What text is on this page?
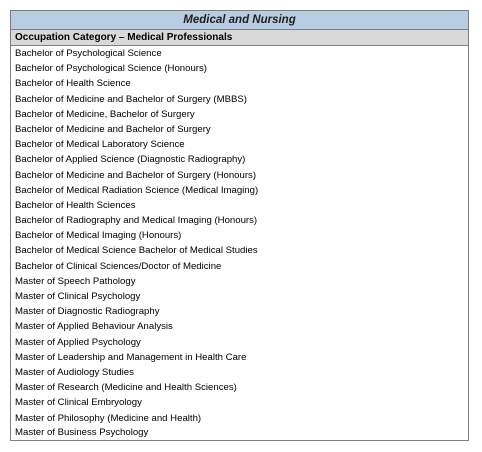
Medical and Nursing
Occupation Category – Medical Professionals
Bachelor of Psychological Science
Bachelor of Psychological Science (Honours)
Bachelor of Health Science
Bachelor of Medicine and Bachelor of Surgery (MBBS)
Bachelor of Medicine, Bachelor of Surgery
Bachelor of Medicine and Bachelor of Surgery
Bachelor of Medical Laboratory Science
Bachelor of Applied Science (Diagnostic Radiography)
Bachelor of Medicine and Bachelor of Surgery (Honours)
Bachelor of Medical Radiation Science (Medical Imaging)
Bachelor of Health Sciences
Bachelor of Radiography and Medical Imaging (Honours)
Bachelor of Medical Imaging (Honours)
Bachelor of Medical Science Bachelor of Medical Studies
Bachelor of Clinical Sciences/Doctor of Medicine
Master of Speech Pathology
Master of Clinical Psychology
Master of Diagnostic Radiography
Master of Applied Behaviour Analysis
Master of Applied Psychology
Master of Leadership and Management in Health Care
Master of Audiology Studies
Master of Research (Medicine and Health Sciences)
Master of Clinical Embryology
Master of Philosophy (Medicine and Health)
Master of Business Psychology
